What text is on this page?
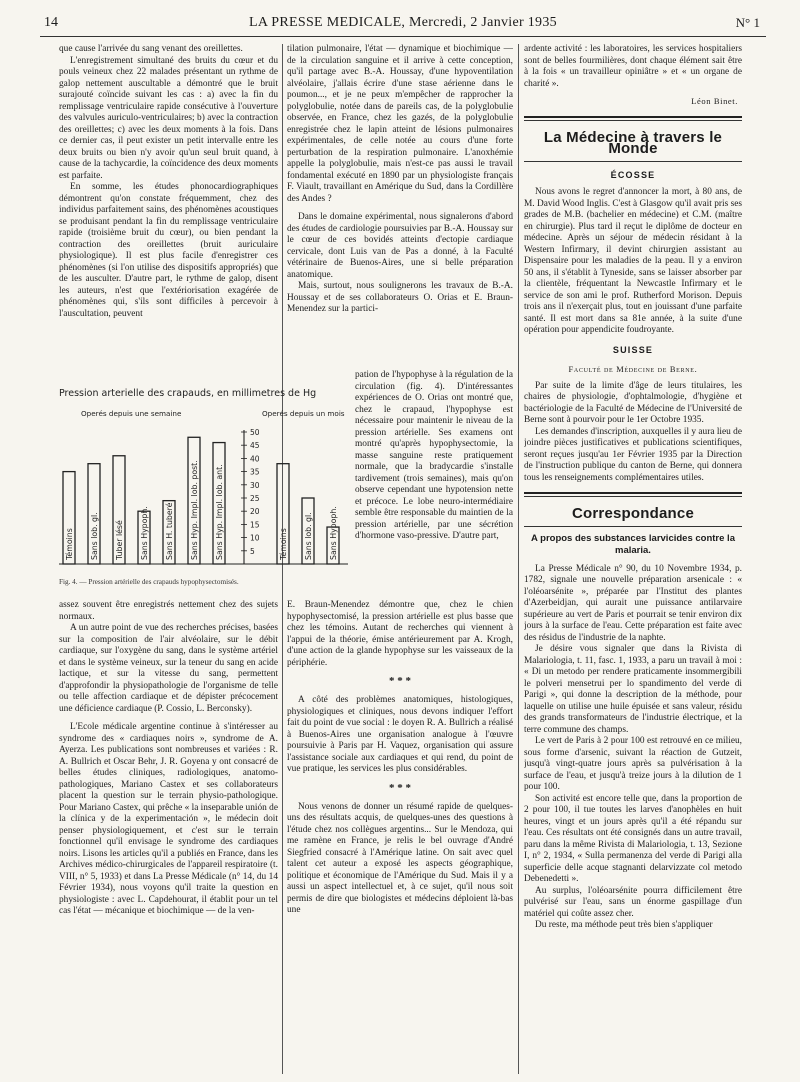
14	LA PRESSE MEDICALE, Mercredi, 2 Janvier 1935	N° 1

que cause l'arrivée du sang venant des oreillettes.

L'enregistrement simultané des bruits du cœur et du pouls veineux chez 22 malades présentant un rythme de galop nettement auscultable a démontré que le bruit surajouté coïncide suivant les cas : a) avec la fin du remplissage ventriculaire rapide consécutive à l'ouverture des valvules auriculo-ventriculaires; b) avec la contraction des oreillettes; c) avec les deux moments à la fois. Dans ce dernier cas, il peut exister un petit intervalle entre les deux bruits ou bien n'y avoir qu'un seul bruit quand, à cause de la tachycardie, la coïncidence des deux moments est parfaite.

En somme, les études phonocardiographiques démontrent qu'on constate fréquemment, chez des individus parfaitement sains, des phénomènes acoustiques se produisant pendant la fin du remplissage ventriculaire rapide (troisième bruit du cœur), ou bien pendant la contraction des oreillettes (bruit auriculaire physiologique). Il est plus facile d'enregistrer ces phénomènes (si l'on utilise des dispositifs appropriés) que de les ausculter. D'autre part, le rythme de galop, disent les auteurs, n'est que l'extériorisation exagérée de phénomènes qui, s'ils sont difficiles à percevoir à l'auscultation, peuvent

tilation pulmonaire, l'état — dynamique et biochimique — de la circulation sanguine et il arrive à cette conception, qu'il partage avec B.-A. Houssay, d'une hypoventilation alvéolaire, j'allais écrire d'une stase aérienne dans le poumon..., et je ne peux m'empêcher de rapprocher la polyglobulie, notée dans de pareils cas, de la polyglobulie observée, en France, chez les gazés, de la polyglobulie enregistrée chez le lapin atteint de lésions pulmonaires expérimentales, de celle notée au cours d'une forte perturbation de la respiration pulmonaire. L'anoxhémie appelle la polyglobulie, mais n'est-ce pas aussi le travail fondamental exécuté en 1890 par un physiologiste français F. Viault, travaillant en Amérique du Sud, dans la Cordillère des Andes ?

Dans le domaine expérimental, nous signalerons d'abord des études de cardiologie poursuivies par B.-A. Houssay sur le cœur de ces bovidés atteints d'ectopie cardiaque cervicale, dont Luis van de Pas a donné, à la Faculté vétérinaire de Buenos-Aires, une si belle préparation anatomique.

Mais, surtout, nous soulignerons les travaux de B.-A. Houssay et de ses collaborateurs O. Orias et E. Braun-Menendez sur la partici-

Pression arterielle des crapauds, en millimetres de Hg
Operés depuis une semaine	Operés depuis un mois
5
10
15
20
25
30
35
40
45
50
Témoins Sans lob. gl. Tuber lésé Sans Hypoph. Sans H. tuberé Sans Hyp. Impl. lob. post. Sans Hyp. Impl. lob. ant.	Témoins Sans lob. gl. Sans Hypoph.
Fig. 4. — Pression artérielle des crapauds hypophysectomisés.

pation de l'hypophyse à la régulation de la circulation (fig. 4). D'intéressantes expériences de O. Orias ont montré que, chez le crapaud, l'hypophyse est nécessaire pour maintenir le niveau de la pression artérielle. Ses examens ont montré qu'après hypophysectomie, la masse sanguine reste pratiquement normale, que la bradycardie s'installe tardivement (trois semaines), mais qu'on observe cependant une hypotension nette et précoce. Le lobe neuro-intermédiaire semble être responsable du maintien de la pression artérielle, par une sécrétion d'hormone vaso-pressive. D'autre part,

assez souvent être enregistrés nettement chez des sujets normaux.

A un autre point de vue des recherches précises, basées sur la composition de l'air alvéolaire, sur le débit cardiaque, sur l'oxygène du sang, dans le système artériel et dans le système veineux, sur la teneur du sang en acide lactique, et sur la vitesse du sang, permettent d'approfondir la physiopathologie de l'organisme de telle ou telle affection cardiaque et de dépister précocement une déficience cardiaque (P. Cossio, L. Berconsky).

L'Ecole médicale argentine continue à s'intéresser au syndrome des « cardiaques noirs », syndrome de A. Ayerza. Les publications sont nombreuses et variées : R. A. Bullrich et Oscar Behr, J. R. Goyena y ont consacré de belles études cliniques, radiologiques, anatomo-pathologiques, Mariano Castex et ses collaborateurs placent la question sur le terrain physio-pathologique. Pour Mariano Castex, qui prêche « la inseparable unión de la clínica y de la experimentación », le médecin doit penser physiologiquement, et c'est sur le terrain fonctionnel qu'il envisage le syndrome des cardiaques noirs. Lisons les articles qu'il a publiés en France, dans les Archives médico-chirurgicales de l'appareil respiratoire (t. VIII, n° 5, 1933) et dans La Presse Médicale (n° 14, du 14 Février 1934), nous voyons qu'il traite la question en physiologiste : avec L. Capdehourat, il établit pour un tel cas l'état — mécanique et biochimique — de la ven-

E. Braun-Menendez démontre que, chez le chien hypophysectomisé, la pression artérielle est plus basse que chez les témoins. Autant de recherches qui viennent à l'appui de la théorie, émise antérieurement par A. Krogh, d'une action de la glande hypophyse sur les vaisseaux de la périphérie.

* * *

A côté des problèmes anatomiques, histologiques, physiologiques et cliniques, nous devons indiquer l'effort fait du point de vue social : le doyen R. A. Bullrich a réalisé à Buenos-Aires une organisation analogue à l'œuvre poursuivie à Paris par H. Vaquez, organisation qui assure l'assistance sociale aux cardiaques et qui rend, du point de vue pratique, les services les plus considérables.

* * *

Nous venons de donner un résumé rapide de quelques-uns des résultats acquis, de quelques-unes des questions à l'étude chez nos collègues argentins... Sur le Mendoza, qui me ramène en France, je relis le bel ouvrage d'André Siegfried consacré à l'Amérique latine. On sait avec quel talent cet auteur a exposé les aspects géographique, politique et économique de l'Amérique du Sud. Mais il y a aussi un aspect intellectuel et, à ce sujet, qu'il nous soit permis de dire que biologistes et médecins déploient là-bas une

ardente activité : les laboratoires, les services hospitaliers sont de belles fourmilières, dont chaque élément sait être à la fois « un travailleur opiniâtre » et « un organe de charité ».

Léon Binet.
La Médecine à travers le Monde
ÉCOSSE

Nous avons le regret d'annoncer la mort, à 80 ans, de M. David Wood Inglis. C'est à Glasgow qu'il avait pris ses grades de M.B. (bachelier en médecine) et C.M. (maître en chirurgie). Plus tard il reçut le diplôme de docteur en médecine. Après un séjour de médecin résidant à la Western Infirmary, il devint chirurgien assistant au Dispensaire pour les maladies de la peau. Il y a environ 50 ans, il s'établit à Tyneside, sans se laisser absorber par la clientèle, fréquentant la Newcastle Infirmary et le service de son ami le prof. Rutherford Morison. Depuis trois ans il n'exerçait plus, tout en jouissant d'une parfaite santé. Il est mort dans sa 81e année, à la suite d'une opération pour appendicite foudroyante.

SUISSE
Faculté de Médecine de Berne.

Par suite de la limite d'âge de leurs titulaires, les chaires de physiologie, d'ophtalmologie, d'hygiène et bactériologie de la Faculté de Médecine de l'Université de Berne sont à pourvoir pour le 1er Octobre 1935.

Les demandes d'inscription, auxquelles il y aura lieu de joindre pièces justificatives et publications scientifiques, seront reçues jusqu'au 1er Février 1935 par la Direction de l'instruction publique du canton de Berne, qui donnera tous les renseignements complémentaires utiles.

Correspondance
A propos des substances larvicides contre la malaria.

La Presse Médicale n° 90, du 10 Novembre 1934, p. 1782, signale une nouvelle préparation arsenicale : « l'oléoarsénite », préparée par l'Institut des plantes d'Azerbeidjan, qui aurait une puissance antilarvaire supérieure au vert de Paris et pourrait se tenir environ dix jours à la surface de l'eau. Cette préparation est faite avec des résidus de l'industrie de la naphte.

Je désire vous signaler que dans la Rivista di Malariologia, t. 11, fasc. 1, 1933, a paru un travail à moi : « Di un metodo per rendere praticamente insommergibili le polveri mensetrui per lo spandimento del verde di Parigi », qui donne la description de la méthode, pour laquelle on utilise une huile épuisée et sans valeur, résidu des grands transformateurs de l'industrie électrique, et la terre commune des champs.

Le vert de Paris à 2 pour 100 est retrouvé en ce milieu, sous forme d'arsenic, suivant la réaction de Gutzeit, jusqu'à vingt-quatre jours après sa pulvérisation à la surface de l'eau, et jusqu'à treize jours à la dilution de 1 pour 100.

Son activité est encore telle que, dans la proportion de 2 pour 100, il tue toutes les larves d'anophèles en huit heures, vingt et un jours après qu'il a été répandu sur l'eau. Ces résultats ont été consignés dans un autre travail, paru dans la même Rivista di Malariologia, t. 13, Sezione I, n° 2, 1934, « Sulla permanenza del verde di Parigi alla superficie delle acque stagnanti delarvizzate col metodo Debenedetti ».

Au surplus, l'oléoarsénite pourra difficilement être pulvérisé sur l'eau, sans un énorme gaspillage d'un matériel qui coûte assez cher.

Du reste, ma méthode peut très bien s'appliquer
